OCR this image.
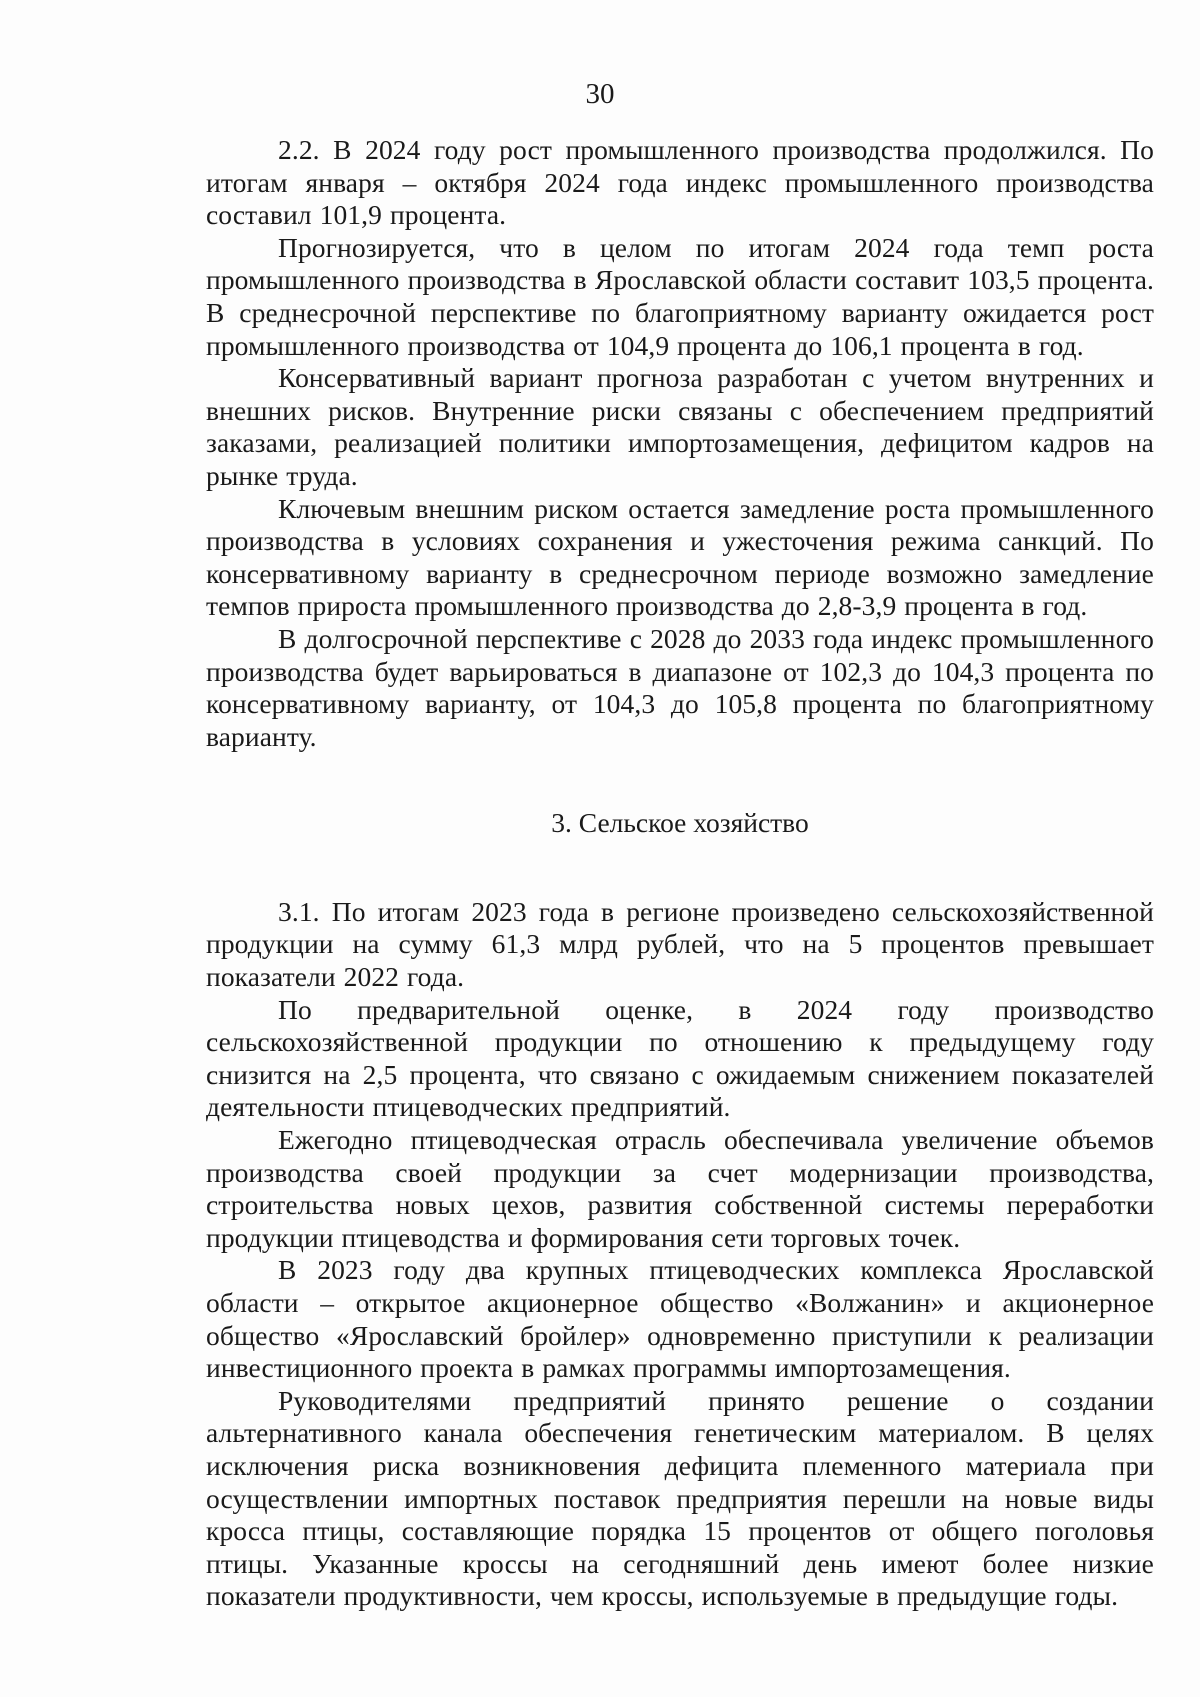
30

2.2. В 2024 году рост промышленного производства продолжился. По итогам января – октября 2024 года индекс промышленного производства составил 101,9 процента.

Прогнозируется, что в целом по итогам 2024 года темп роста промышленного производства в Ярославской области составит 103,5 процента. В среднесрочной перспективе по благоприятному варианту ожидается рост промышленного производства от 104,9 процента до 106,1 процента в год.

Консервативный вариант прогноза разработан с учетом внутренних и внешних рисков. Внутренние риски связаны с обеспечением предприятий заказами, реализацией политики импортозамещения, дефицитом кадров на рынке труда.

Ключевым внешним риском остается замедление роста промышленного производства в условиях сохранения и ужесточения режима санкций. По консервативному варианту в среднесрочном периоде возможно замедление темпов прироста промышленного производства до 2,8-3,9 процента в год.

В долгосрочной перспективе с 2028 до 2033 года индекс промышленного производства будет варьироваться в диапазоне от 102,3 до 104,3 процента по консервативному варианту, от 104,3 до 105,8 процента по благоприятному варианту.

3. Сельское хозяйство

3.1. По итогам 2023 года в регионе произведено сельскохозяйственной продукции на сумму 61,3 млрд рублей, что на 5 процентов превышает показатели 2022 года.

По предварительной оценке, в 2024 году производство сельскохозяйственной продукции по отношению к предыдущему году снизится на 2,5 процента, что связано с ожидаемым снижением показателей деятельности птицеводческих предприятий.

Ежегодно птицеводческая отрасль обеспечивала увеличение объемов производства своей продукции за счет модернизации производства, строительства новых цехов, развития собственной системы переработки продукции птицеводства и формирования сети торговых точек.

В 2023 году два крупных птицеводческих комплекса Ярославской области – открытое акционерное общество «Волжанин» и акционерное общество «Ярославский бройлер» одновременно приступили к реализации инвестиционного проекта в рамках программы импортозамещения.

Руководителями предприятий принято решение о создании альтернативного канала обеспечения генетическим материалом. В целях исключения риска возникновения дефицита племенного материала при осуществлении импортных поставок предприятия перешли на новые виды кросса птицы, составляющие порядка 15 процентов от общего поголовья птицы. Указанные кроссы на сегодняшний день имеют более низкие показатели продуктивности, чем кроссы, используемые в предыдущие годы.
